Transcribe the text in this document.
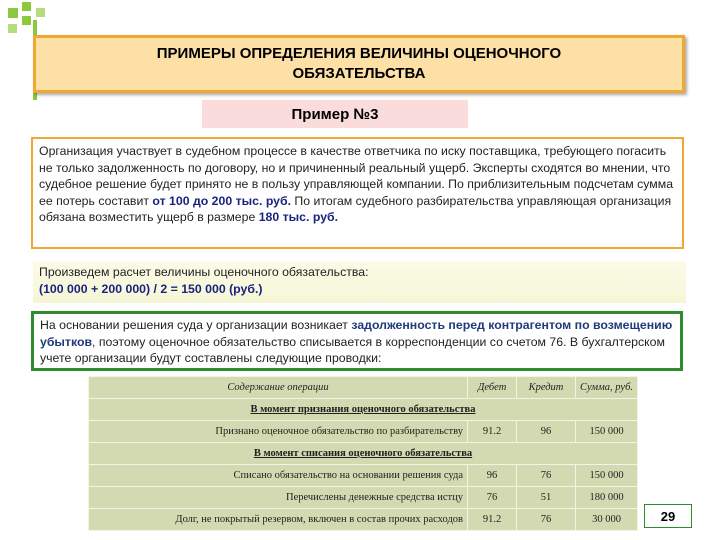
ПРИМЕРЫ ОПРЕДЕЛЕНИЯ ВЕЛИЧИНЫ ОЦЕНОЧНОГО ОБЯЗАТЕЛЬСТВА
Пример №3
Организация участвует в судебном процессе в качестве ответчика по иску поставщика, требующего погасить не только задолженность по договору, но и причиненный реальный ущерб. Эксперты сходятся во мнении, что судебное решение будет принято не в пользу управляющей компании. По приблизительным подсчетам сумма ее потерь составит от 100 до 200 тыс. руб. По итогам судебного разбирательства управляющая организация обязана возместить ущерб в размере 180 тыс. руб.
Произведем расчет величины оценочного обязательства:
(100 000 + 200 000) / 2 = 150 000 (руб.)
На основании решения суда у организации возникает задолженность перед контрагентом по возмещению убытков, поэтому оценочное обязательство списывается в корреспонденции со счетом 76. В бухгалтерском учете организации будут составлены следующие проводки:
Содержание операции	Дебет	Кредит	Сумма, руб.
В момент признания оценочного обязательства			
Признано оценочное обязательство по разбирательству	91.2	96	150 000
В момент списания оценочного обязательства			
Списано обязательство на основании решения суда	96	76	150 000
Перечислены денежные средства истцу	76	51	180 000
Долг, не покрытый резервом, включен в состав прочих расходов	91.2	76	30 000	29
